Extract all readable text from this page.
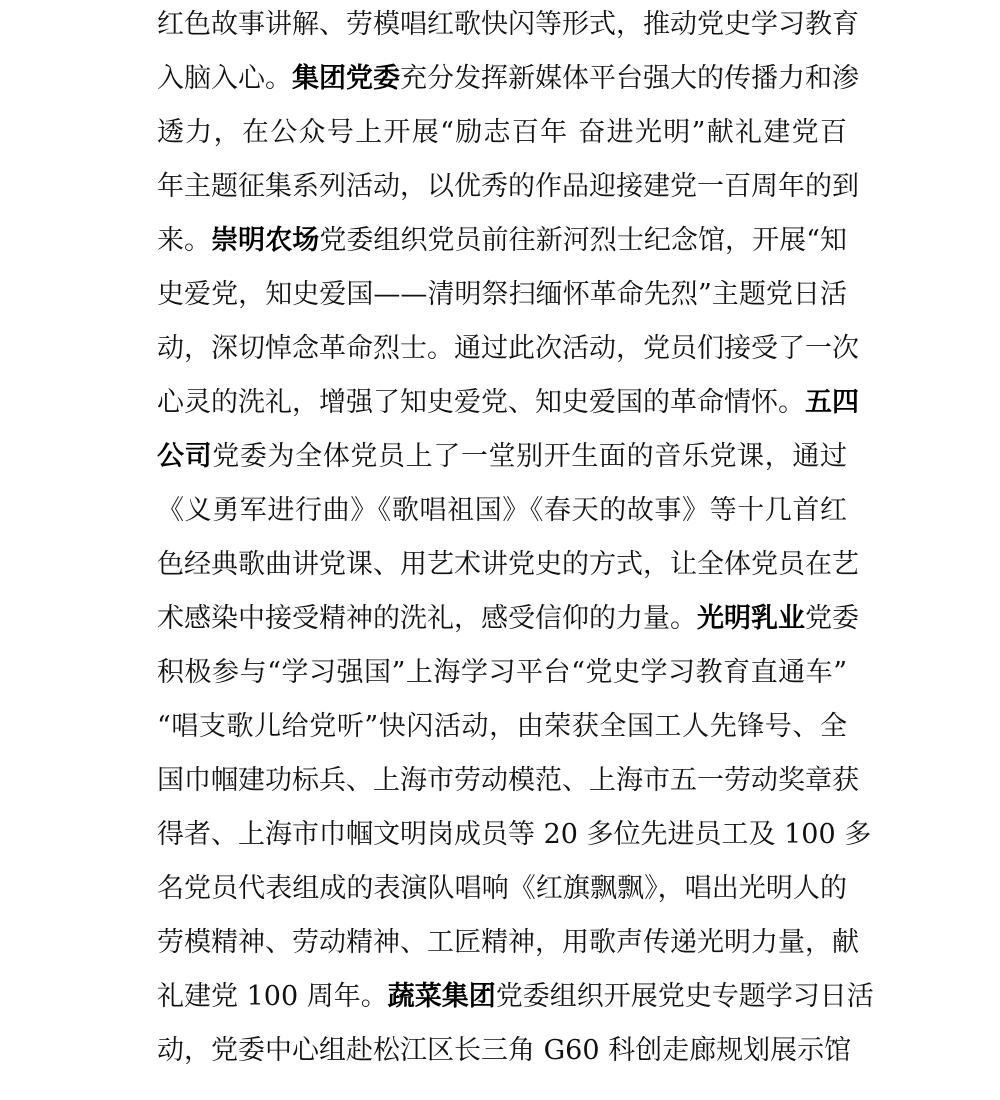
红色故事讲解、劳模唱红歌快闪等形式，推动党史学习教育
入脑入心。集团党委充分发挥新媒体平台强大的传播力和渗
透力，在公众号上开展“励志百年 奋进光明”献礼建党百
年主题征集系列活动，以优秀的作品迎接建党一百周年的到
来。崇明农场党委组织党员前往新河烈士纪念馆，开展“知
史爱党，知史爱国——清明祭扫缅怀革命先烈”主题党日活
动，深切悼念革命烈士。通过此次活动，党员们接受了一次
心灵的洗礼，增强了知史爱党、知史爱国的革命情怀。五四
公司党委为全体党员上了一堂别开生面的音乐党课，通过
《义勇军进行曲》《歌唱祖国》《春天的故事》等十几首红
色经典歌曲讲党课、用艺术讲党史的方式，让全体党员在艺
术感染中接受精神的洗礼，感受信仰的力量。光明乳业党委
积极参与“学习强国”上海学习平台“党史学习教育直通车”
“唱支歌儿给党听”快闪活动，由荣获全国工人先锋号、全
国巾帼建功标兵、上海市劳动模范、上海市五一劳动奖章获
得者、上海市巾帼文明岗成员等 20 多位先进员工及 100 多
名党员代表组成的表演队唱响《红旗飘飘》，唱出光明人的
劳模精神、劳动精神、工匠精神，用歌声传递光明力量，献
礼建党 100 周年。蔬菜集团党委组织开展党史专题学习日活
动，党委中心组赴松江区长三角 G60 科创走廊规划展示馆
